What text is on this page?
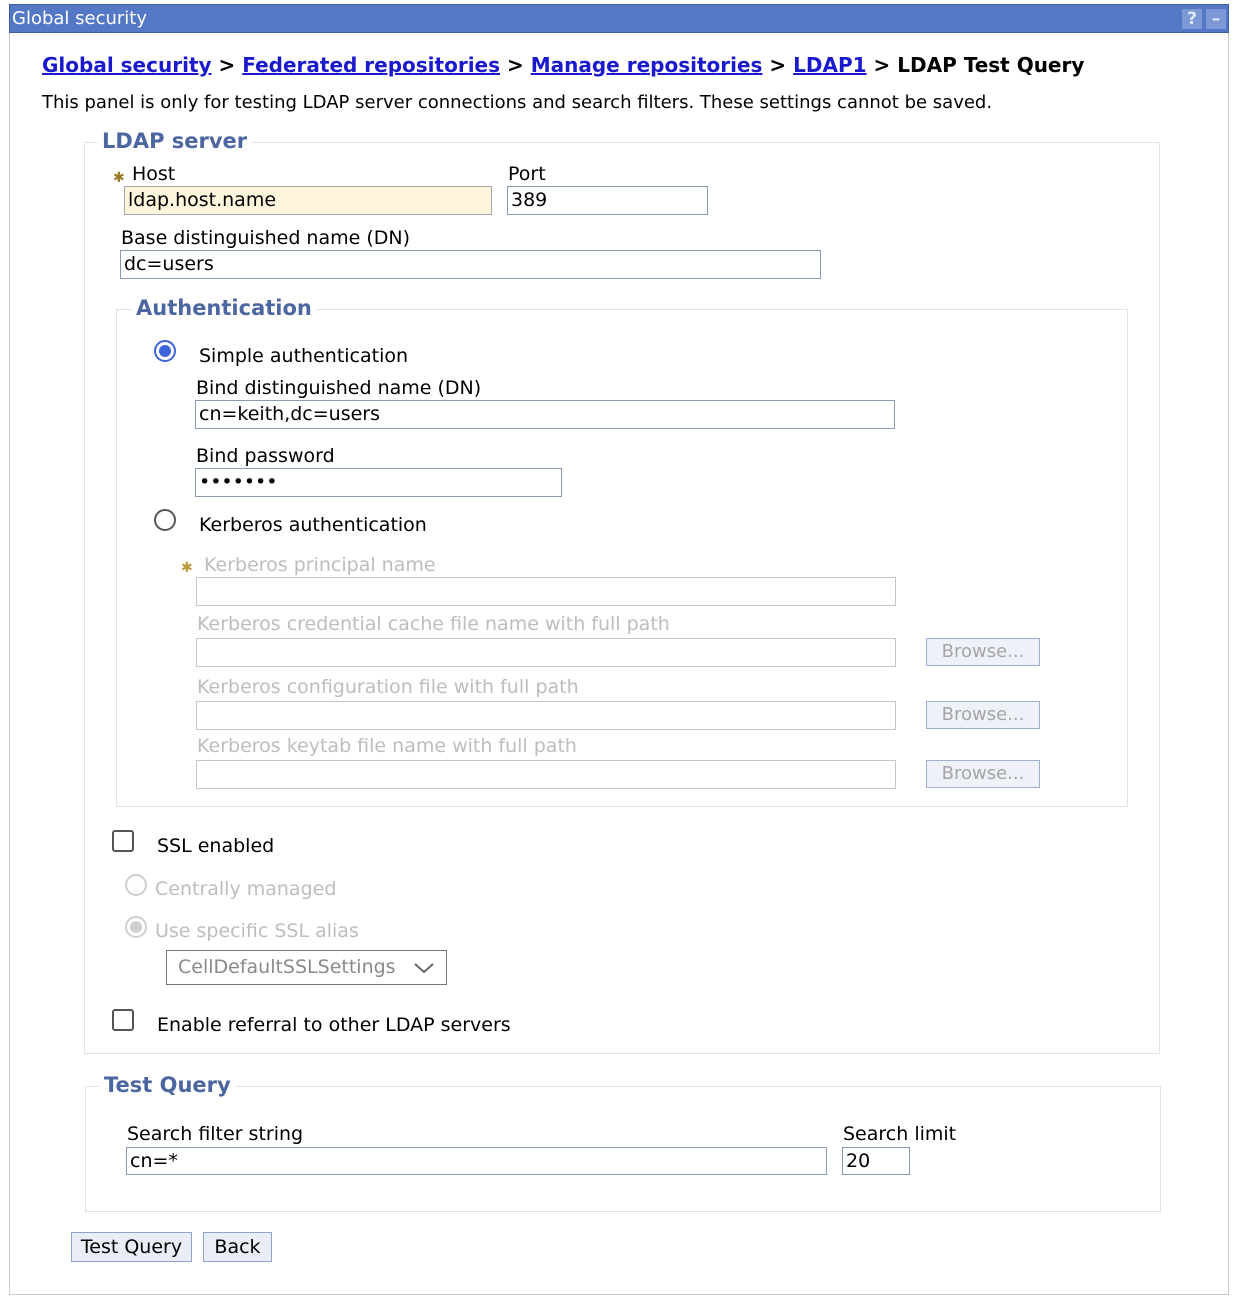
Global security	? –
Global security > Federated repositories > Manage repositories > LDAP1 > LDAP Test Query
This panel is only for testing LDAP server connections and search filters. These settings cannot be saved.
LDAP server
✱ Host
ldap.host.name
Port
389
Base distinguished name (DN)
dc=users
Authentication
Simple authentication
Bind distinguished name (DN)
cn=keith,dc=users
Bind password
•••••••
Kerberos authentication
✱ Kerberos principal name
Kerberos credential cache file name with full path
Browse...
Kerberos configuration file with full path
Browse...
Kerberos keytab file name with full path
Browse...
SSL enabled
Centrally managed
Use specific SSL alias
CellDefaultSSLSettings
Enable referral to other LDAP servers
Test Query
Search filter string
cn=*
Search limit
20
Test Query	Back
